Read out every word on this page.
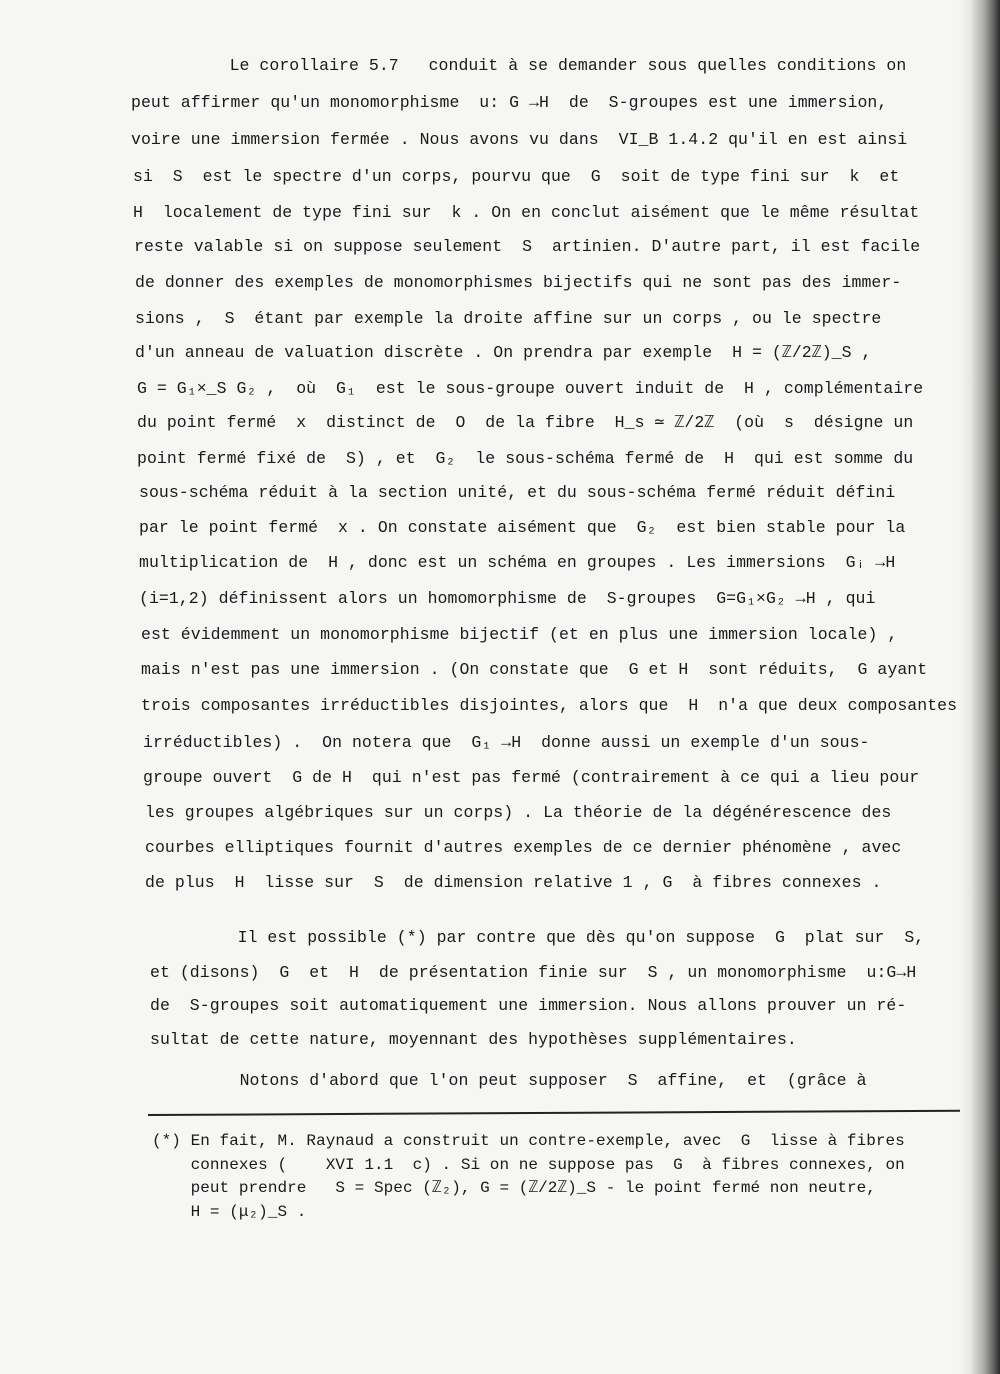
Le corollaire 5.7   conduit à se demander sous quelles conditions on
peut affirmer qu'un monomorphisme  u: G →H  de  S-groupes est une immersion,
voire une immersion fermée . Nous avons vu dans  VI_B 1.4.2 qu'il en est ainsi
si  S  est le spectre d'un corps, pourvu que  G  soit de type fini sur  k  et
H  localement de type fini sur  k . On en conclut aisément que le même résultat
reste valable si on suppose seulement  S  artinien. D'autre part, il est facile
de donner des exemples de monomorphismes bijectifs qui ne sont pas des immer-
sions ,  S  étant par exemple la droite affine sur un corps , ou le spectre
d'un anneau de valuation discrète . On prendra par exemple  H = (ℤ/2ℤ)_S ,
G = G₁×_S G₂ ,  où  G₁  est le sous-groupe ouvert induit de  H , complémentaire
du point fermé  x  distinct de  O  de la fibre  H_s ≃ ℤ/2ℤ  (où  s  désigne un
point fermé fixé de  S) , et  G₂  le sous-schéma fermé de  H  qui est somme du
sous-schéma réduit à la section unité, et du sous-schéma fermé réduit défini
par le point fermé  x . On constate aisément que  G₂  est bien stable pour la
multiplication de  H , donc est un schéma en groupes . Les immersions  Gᵢ →H
(i=1,2) définissent alors un homomorphisme de  S-groupes  G=G₁×G₂ →H , qui
est évidemment un monomorphisme bijectif (et en plus une immersion locale) ,
mais n'est pas une immersion . (On constate que  G et H  sont réduits,  G ayant
trois composantes irréductibles disjointes, alors que  H  n'a que deux composantes
irréductibles) .  On notera que  G₁ →H  donne aussi un exemple d'un sous-
groupe ouvert  G de H  qui n'est pas fermé (contrairement à ce qui a lieu pour
les groupes algébriques sur un corps) . La théorie de la dégénérescence des
courbes elliptiques fournit d'autres exemples de ce dernier phénomène , avec
de plus  H  lisse sur  S  de dimension relative 1 , G  à fibres connexes .
Il est possible (*) par contre que dès qu'on suppose  G  plat sur  S,
et (disons)  G  et  H  de présentation finie sur  S , un monomorphisme  u:G→H
de  S-groupes soit automatiquement une immersion. Nous allons prouver un ré-
sultat de cette nature, moyennant des hypothèses supplémentaires.
Notons d'abord que l'on peut supposer  S  affine,  et  (grâce à
(*) En fait, M. Raynaud a construit un contre-exemple, avec  G  lisse à fibres
connexes (    XVI 1.1  c) . Si on ne suppose pas  G  à fibres connexes, on
peut prendre   S = Spec (ℤ₂), G = (ℤ/2ℤ)_S - le point fermé non neutre,
H = (μ₂)_S .
